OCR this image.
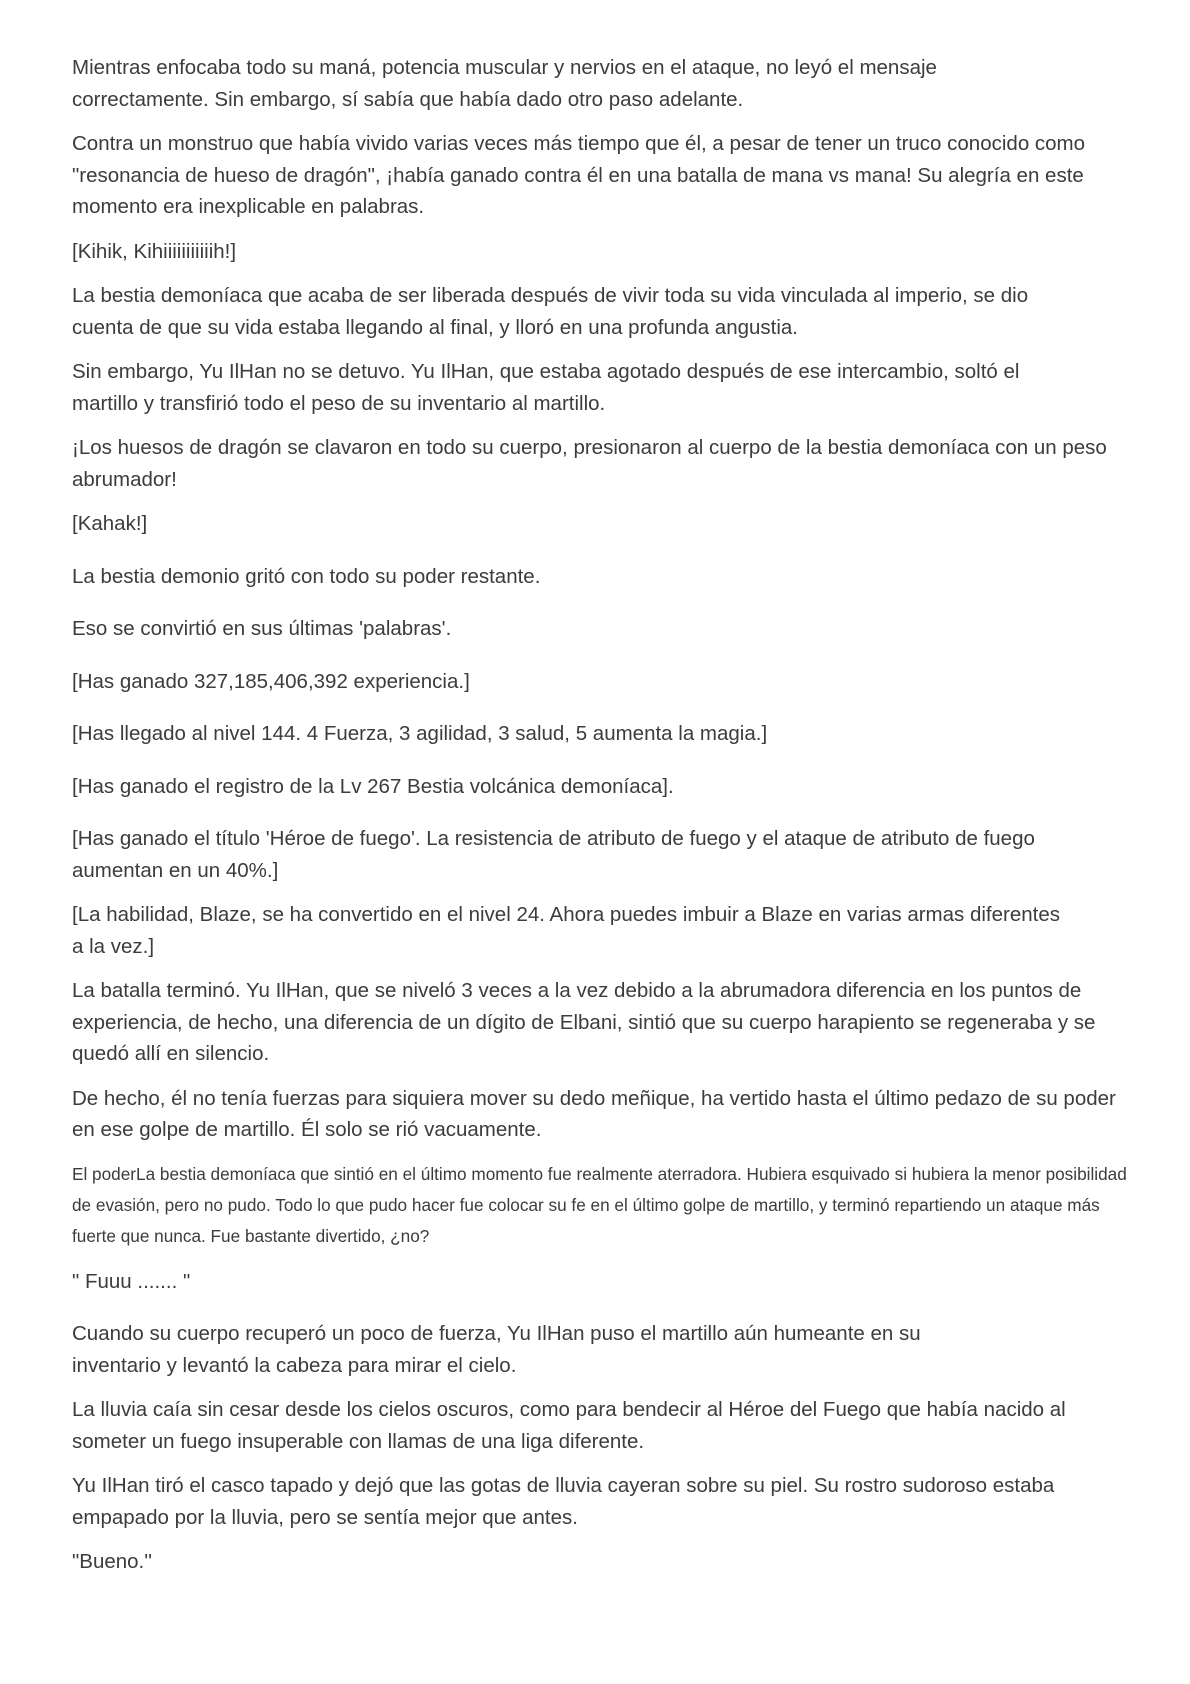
Mientras enfocaba todo su maná, potencia muscular y nervios en el ataque, no leyó el mensaje correctamente. Sin embargo, sí sabía que había dado otro paso adelante.

Contra un monstruo que había vivido varias veces más tiempo que él, a pesar de tener un truco conocido como "resonancia de hueso de dragón", ¡había ganado contra él en una batalla de mana vs mana! Su alegría en este momento era inexplicable en palabras.

[Kihik, Kihiiiiiiiiiiih!]

La bestia demoníaca que acaba de ser liberada después de vivir toda su vida vinculada al imperio, se dio cuenta de que su vida estaba llegando al final, y lloró en una profunda angustia.

Sin embargo, Yu IlHan no se detuvo. Yu IlHan, que estaba agotado después de ese intercambio, soltó el martillo y transfirió todo el peso de su inventario al martillo.

¡Los huesos de dragón se clavaron en todo su cuerpo, presionaron al cuerpo de la bestia demoníaca con un peso abrumador!

[Kahak!]

La bestia demonio gritó con todo su poder restante.

Eso se convirtió en sus últimas 'palabras'.

[Has ganado 327,185,406,392 experiencia.]

[Has llegado al nivel 144. 4 Fuerza, 3 agilidad, 3 salud, 5 aumenta la magia.]

[Has ganado el registro de la Lv 267 Bestia volcánica demoníaca].

[Has ganado el título 'Héroe de fuego'. La resistencia de atributo de fuego y el ataque de atributo de fuego aumentan en un 40%.]

[La habilidad, Blaze, se ha convertido en el nivel 24. Ahora puedes imbuir a Blaze en varias armas diferentes a la vez.]

La batalla terminó. Yu IlHan, que se niveló 3 veces a la vez debido a la abrumadora diferencia en los puntos de experiencia, de hecho, una diferencia de un dígito de Elbani, sintió que su cuerpo harapiento se regeneraba y se quedó allí en silencio.

De hecho, él no tenía fuerzas para siquiera mover su dedo meñique, ha vertido hasta el último pedazo de su poder en ese golpe de martillo. Él solo se rió vacuamente.

El poderLa bestia demoníaca que sintió en el último momento fue realmente aterradora. Hubiera esquivado si hubiera la menor posibilidad de evasión, pero no pudo. Todo lo que pudo hacer fue colocar su fe en el último golpe de martillo, y terminó repartiendo un ataque más fuerte que nunca. Fue bastante divertido, ¿no?

" Fuuu ....... "

Cuando su cuerpo recuperó un poco de fuerza, Yu IlHan puso el martillo aún humeante en su inventario y levantó la cabeza para mirar el cielo.

La lluvia caía sin cesar desde los cielos oscuros, como para bendecir al Héroe del Fuego que había nacido al someter un fuego insuperable con llamas de una liga diferente.

Yu IlHan tiró el casco tapado y dejó que las gotas de lluvia cayeran sobre su piel. Su rostro sudoroso estaba empapado por la lluvia, pero se sentía mejor que antes.

"Bueno.''
